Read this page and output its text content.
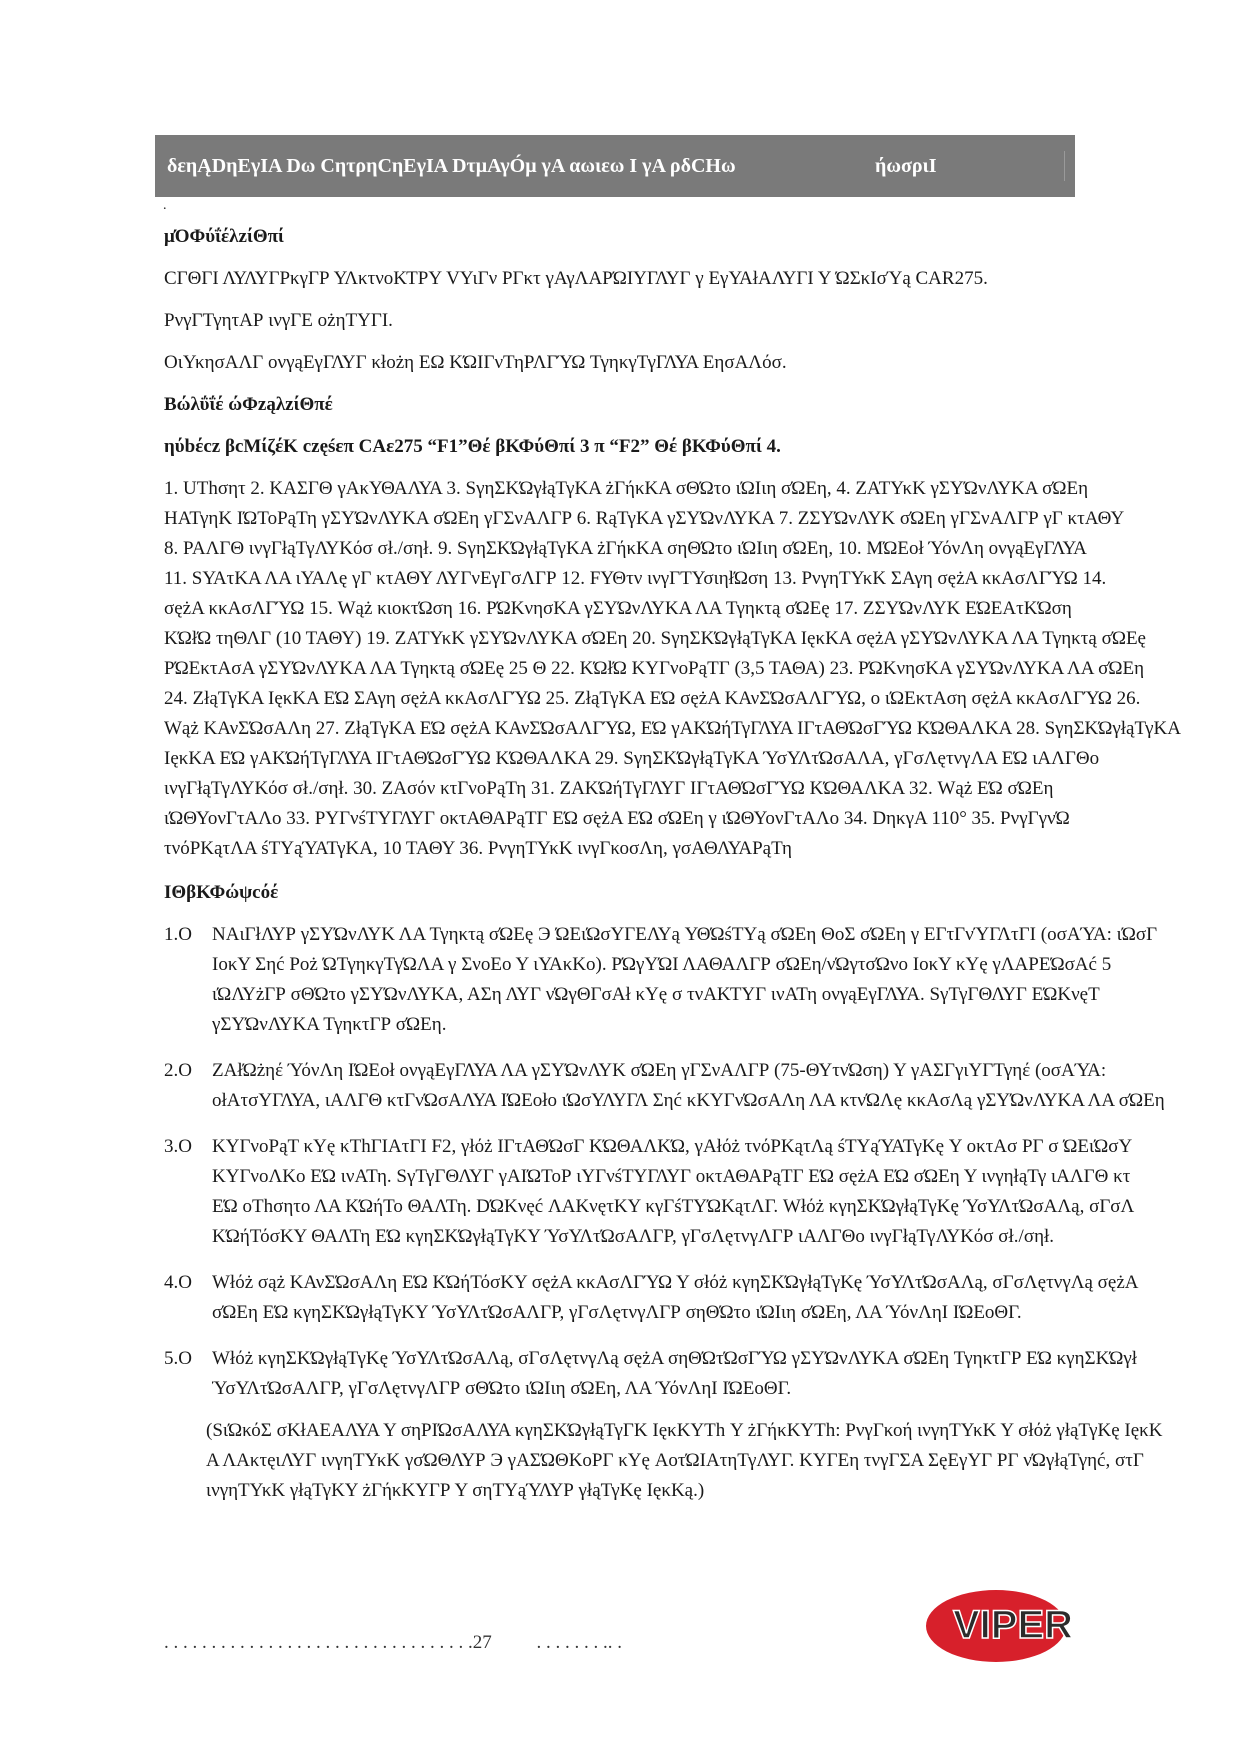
δεηĄDηΕγΙΑ Dω CητρηCηΕγΙΑ DτμΑγÓμ γΑ αωιεω Ι γΑ ρδCΗω	ήωσριΙ
.

μΌΦύΐέλzίΘπί

CΓΘΓΙ ΛΥΛΥΓΡκγΓΡ ΥΛκτνοΚΤΡΥ VΥιΓν ΡΓκτ γΑγΛΑΡΏΙΥΓΛΥΓ γ ΕγΥΑłΑΛΥΓΙ Υ ΏΣκΙσΎą CAR275.

ΡνγΓΤγητΑΡ ινγΓΕ οżηΤΥΓΙ.

ΟιΥκησΑΛΓ ονγąΕγΓΛΥΓ κłοżη ΕΩ ΚΏΙΓνΤηΡΛΓΎΩ ΤγηκγΤγΓΛΥΑ ΕησΑΛόσ.

Βώλΰΐέ ώΦząλzίΘπέ

ηύbέcz βcΜίζέΚ częśεπ CΑε275 “F1”Θέ βΚΦύΘπί 3 π “F2” Θέ βΚΦύΘπί 4.

1. UΤhσητ 2. ΚΑΣΓΘ γΑκΥΘΑΛΥΑ 3. SγηΣΚΏγłąΤγΚΑ żΓήκΚΑ σΘΏτο ιΏΙιη σΏΕη, 4. ΖΑΤΥκΚ γΣΥΏνΛΥΚΑ σΏΕη

ΗΑΤγηΚ ΙΏΤοΡąΤη γΣΥΏνΛΥΚΑ σΏΕη γΓΣνΑΛΓΡ 6. RąΤγΚΑ γΣΥΏνΛΥΚΑ 7. ΖΣΥΏνΛΥΚ σΏΕη γΓΣνΑΛΓΡ γΓ κτΑΘΥ

8. ΡΑΛΓΘ ινγΓłąΤγΛΥΚόσ σł./σηł. 9. SγηΣΚΏγłąΤγΚΑ żΓήκΚΑ σηΘΏτο ιΏΙιη σΏΕη, 10. ΜΏΕοł ΎόνΛη ονγąΕγΓΛΥΑ

11. SΥΑτΚΑ ΛΑ ιΥΑΛę γΓ κτΑΘΥ ΛΥΓνΕγΓσΛΓΡ 12. FΥΘτν ινγΓΤΥσιηłΏση 13. ΡνγηΤΥκΚ ΣΑγη σężΑ κκΑσΛΓΎΩ 14.

σężΑ κκΑσΛΓΎΩ 15. Wąż κιοκτΏση 16. ΡΏΚνησΚΑ γΣΥΏνΛΥΚΑ ΛΑ Τγηκτą σΏΕę 17. ΖΣΥΏνΛΥΚ ΕΏΕΑτΚΏση

ΚΏłΏ τηΘΛΓ (10 ΤΑΘΥ) 19. ΖΑΤΥκΚ γΣΥΏνΛΥΚΑ σΏΕη 20. SγηΣΚΏγłąΤγΚΑ ΙęκΚΑ σężΑ γΣΥΏνΛΥΚΑ ΛΑ Τγηκτą σΏΕę

ΡΏΕκτΑσΑ γΣΥΏνΛΥΚΑ ΛΑ Τγηκτą σΏΕę 25 Θ 22. ΚΏłΏ ΚΥΓνοΡąΤΓ (3,5 ΤΑΘΑ) 23. ΡΏΚνησΚΑ γΣΥΏνΛΥΚΑ ΛΑ σΏΕη

24. ΖłąΤγΚΑ ΙęκΚΑ ΕΏ ΣΑγη σężΑ κκΑσΛΓΎΩ 25. ΖłąΤγΚΑ ΕΏ σężΑ ΚΑνΣΏσΑΛΓΎΩ, ο ιΏΕκτΑση σężΑ κκΑσΛΓΎΩ 26.

Wąż ΚΑνΣΏσΑΛη 27. ΖłąΤγΚΑ ΕΏ σężΑ ΚΑνΣΏσΑΛΓΎΩ, ΕΏ γΑΚΏήΤγΓΛΥΑ ΙΓτΑΘΏσΓΎΩ ΚΏΘΑΛΚΑ 28. SγηΣΚΏγłąΤγΚΑ

ΙęκΚΑ ΕΏ γΑΚΏήΤγΓΛΥΑ ΙΓτΑΘΏσΓΎΩ ΚΏΘΑΛΚΑ 29. SγηΣΚΏγłąΤγΚΑ ΎσΥΛτΏσΑΛΑ, γΓσΛęτνγΛΑ ΕΏ ιΑΛΓΘο

ινγΓłąΤγΛΥΚόσ σł./σηł. 30. ΖΑσόν κτΓνοΡąΤη 31. ΖΑΚΏήΤγΓΛΥΓ ΙΓτΑΘΏσΓΎΩ ΚΏΘΑΛΚΑ 32. Wąż ΕΏ σΏΕη

ιΏΘΥονΓτΑΛο 33. ΡΥΓνśΤΥΓΛΥΓ οκτΑΘΑΡąΤΓ ΕΏ σężΑ ΕΏ σΏΕη γ ιΏΘΥονΓτΑΛο 34. DηκγΑ 110° 35. ΡνγΓγνΏ

τνόΡΚąτΛΑ śΤΥąΎΑΤγΚΑ, 10 ΤΑΘΥ 36. ΡνγηΤΥκΚ ινγΓκοσΛη, γσΑΘΛΥΑΡąΤη

ΙΘβΚΦώψcόέ

1.O	ΝΑιΓłΛΥΡ γΣΥΏνΛΥΚ ΛΑ Τγηκτą σΏΕę Э ΏΕιΏσΥΓΕΛΥą ΥΘΏśΤΥą σΏΕη ΘοΣ σΏΕη γ ΕΓτΓνΎΓΛτΓΙ (οσΑΎΑ: ιΏσΓ

ΙοκΥ Σηć Ροż ΏΤγηκγΤγΏΛΑ γ ΣνοΕο Υ ιΥΑκΚο). ΡΏγΥΏΙ ΛΑΘΑΛΓΡ σΏΕη/νΏγτσΏνο ΙοκΥ κΥę γΛΑΡΕΏσΑć 5

ιΏΛΥżΓΡ σΘΏτο γΣΥΏνΛΥΚΑ, ΑΣη ΛΥΓ νΏγΘΓσΑł κΥę σ τνΑΚΤΥΓ ινΑΤη ονγąΕγΓΛΥΑ. SγΤγΓΘΛΥΓ ΕΏΚνęΤ

γΣΥΏνΛΥΚΑ ΤγηκτΓΡ σΏΕη.

2.O	ΖΑłΏżηέ ΎόνΛη ΙΏΕοł ονγąΕγΓΛΥΑ ΛΑ γΣΥΏνΛΥΚ σΏΕη γΓΣνΑΛΓΡ (75-ΘΥτνΏση) Υ γΑΣΓγιΥΓΤγηέ (οσΑΎΑ:

οłΑτσΥΓΛΥΑ, ιΑΛΓΘ κτΓνΏσΑΛΥΑ ΙΏΕοło ιΏσΥΛΥΓΛ Σηć κΚΥΓνΏσΑΛη ΛΑ κτνΏΛę κκΑσΛą γΣΥΏνΛΥΚΑ ΛΑ σΏΕη

3.O	ΚΥΓνοΡąΤ κΥę κΤhΓΙΑτΓΙ F2, γłόż ΙΓτΑΘΏσΓ ΚΏΘΑΛΚΏ, γΑłόż τνόΡΚąτΛą śΤΥąΎΑΤγΚę Υ οκτΑσ ΡΓ σ ΏΕιΏσΥ

ΚΥΓνοΛΚο ΕΏ ινΑΤη. SγΤγΓΘΛΥΓ γΑΙΏΤοΡ ιΥΓνśΤΥΓΛΥΓ οκτΑΘΑΡąΤΓ ΕΏ σężΑ ΕΏ σΏΕη Υ ινγηłąΤγ ιΑΛΓΘ κτ

ΕΏ οΤhσητο ΛΑ ΚΏήΤο ΘΑΛΤη. DΏΚνęć ΛΑΚνęτΚΥ κγΓśΤΥΏΚąτΛΓ. Włόż κγηΣΚΏγłąΤγΚę ΎσΥΛτΏσΑΛą, σΓσΛ

ΚΏήΤόσΚΥ ΘΑΛΤη ΕΏ κγηΣΚΏγłąΤγΚΥ ΎσΥΛτΏσΑΛΓΡ, γΓσΛęτνγΛΓΡ ιΑΛΓΘο ινγΓłąΤγΛΥΚόσ σł./σηł.

4.O	Włόż σąż ΚΑνΣΏσΑΛη ΕΏ ΚΏήΤόσΚΥ σężΑ κκΑσΛΓΎΩ Υ σłόż κγηΣΚΏγłąΤγΚę ΎσΥΛτΏσΑΛą, σΓσΛęτνγΛą σężΑ

σΏΕη ΕΏ κγηΣΚΏγłąΤγΚΥ ΎσΥΛτΏσΑΛΓΡ, γΓσΛęτνγΛΓΡ σηΘΏτο ιΏΙιη σΏΕη, ΛΑ ΎόνΛηΙ ΙΏΕοΘΓ.

5.O	Włόż κγηΣΚΏγłąΤγΚę ΎσΥΛτΏσΑΛą, σΓσΛęτνγΛą σężΑ σηΘΏτΏσΓΎΩ γΣΥΏνΛΥΚΑ σΏΕη ΤγηκτΓΡ ΕΏ κγηΣΚΏγł

ΎσΥΛτΏσΑΛΓΡ, γΓσΛęτνγΛΓΡ σΘΏτο ιΏΙιη σΏΕη, ΛΑ ΎόνΛηΙ ΙΏΕοΘΓ.

(SιΏκόΣ σΚłΑΕΑΛΥΑ Υ σηΡΙΏσΑΛΥΑ κγηΣΚΏγłąΤγΓΚ ΙęκΚΥΤh Υ żΓήκΚΥΤh: ΡνγΓκοή ινγηΤΥκΚ Υ σłόż γłąΤγΚę ΙęκΚ

Α ΛΑκτęιΛΥΓ ινγηΤΥκΚ γσΏΘΛΥΡ Э γΑΣΏΘΚοΡΓ κΥę ΑοτΏΙΑτηΤγΛΥΓ. ΚΥΓΕη τνγΓΣΑ ΣęΕγΥΓ ΡΓ νΏγłąΤγηć, στΓ

ινγηΤΥκΚ γłąΤγΚΥ żΓήκΚΥΓΡ Υ σηΤΥąΎΛΥΡ γłąΤγΚę ΙęκΚą.)

. . . . . . . . . . . . . . . . . . . . . . . . . . . . . . . . .27 . . . . . . . .. .	VIPER
